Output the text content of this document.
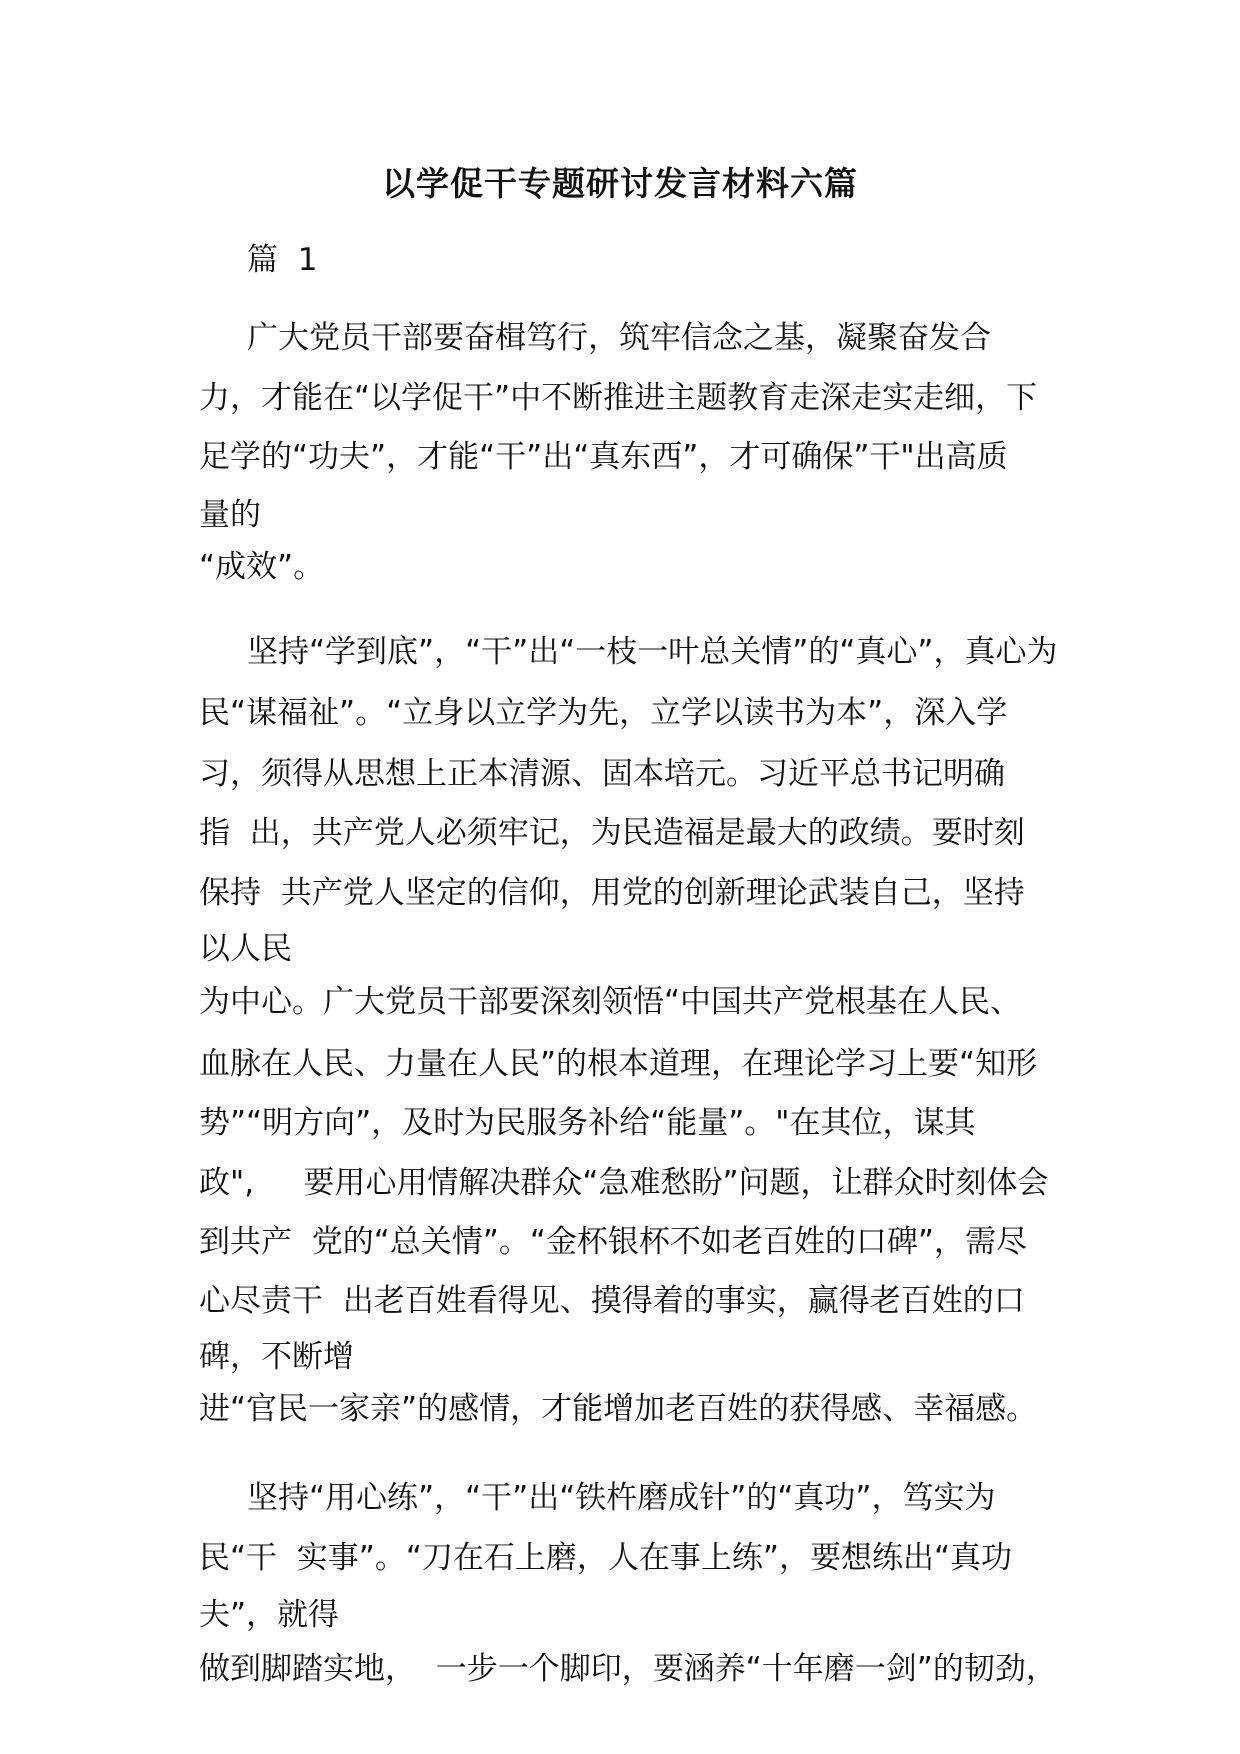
以学促干专题研讨发言材料六篇
篇  1
广大党员干部要奋楫笃行，筑牢信念之基，凝聚奋发合
力，才能在“以学促干”中不断推进主题教育走深走实走细，下
足学的“功夫”，才能“干”出“真东西”，才可确保”干"出高质
量的
“成效”。
坚持“学到底”，“干”出“一枝一叶总关情”的“真心”，真心为
民“谋福祉”。“立身以立学为先，立学以读书为本”，深入学
习，须得从思想上正本清源、固本培元。习近平总书记明确
指  出，共产党人必须牢记，为民造福是最大的政绩。要时刻
保持  共产党人坚定的信仰，用党的创新理论武装自己，坚持
以人民
为中心。广大党员干部要深刻领悟“中国共产党根基在人民、
血脉在人民、力量在人民”的根本道理，在理论学习上要“知形
势”“明方向”，及时为民服务补给“能量”。"在其位，谋其
政",     要用心用情解决群众“急难愁盼”问题，让群众时刻体会
到共产  党的“总关情”。“金杯银杯不如老百姓的口碑”，需尽
心尽责干  出老百姓看得见、摸得着的事实，赢得老百姓的口
碑，不断增
进“官民一家亲”的感情，才能增加老百姓的获得感、幸福感。
坚持“用心练”，“干”出“铁杵磨成针”的“真功”，笃实为
民“干  实事”。“刀在石上磨，人在事上练”，要想练出“真功
夫”，就得
做到脚踏实地，  一步一个脚印，要涵养“十年磨一剑”的韧劲，
